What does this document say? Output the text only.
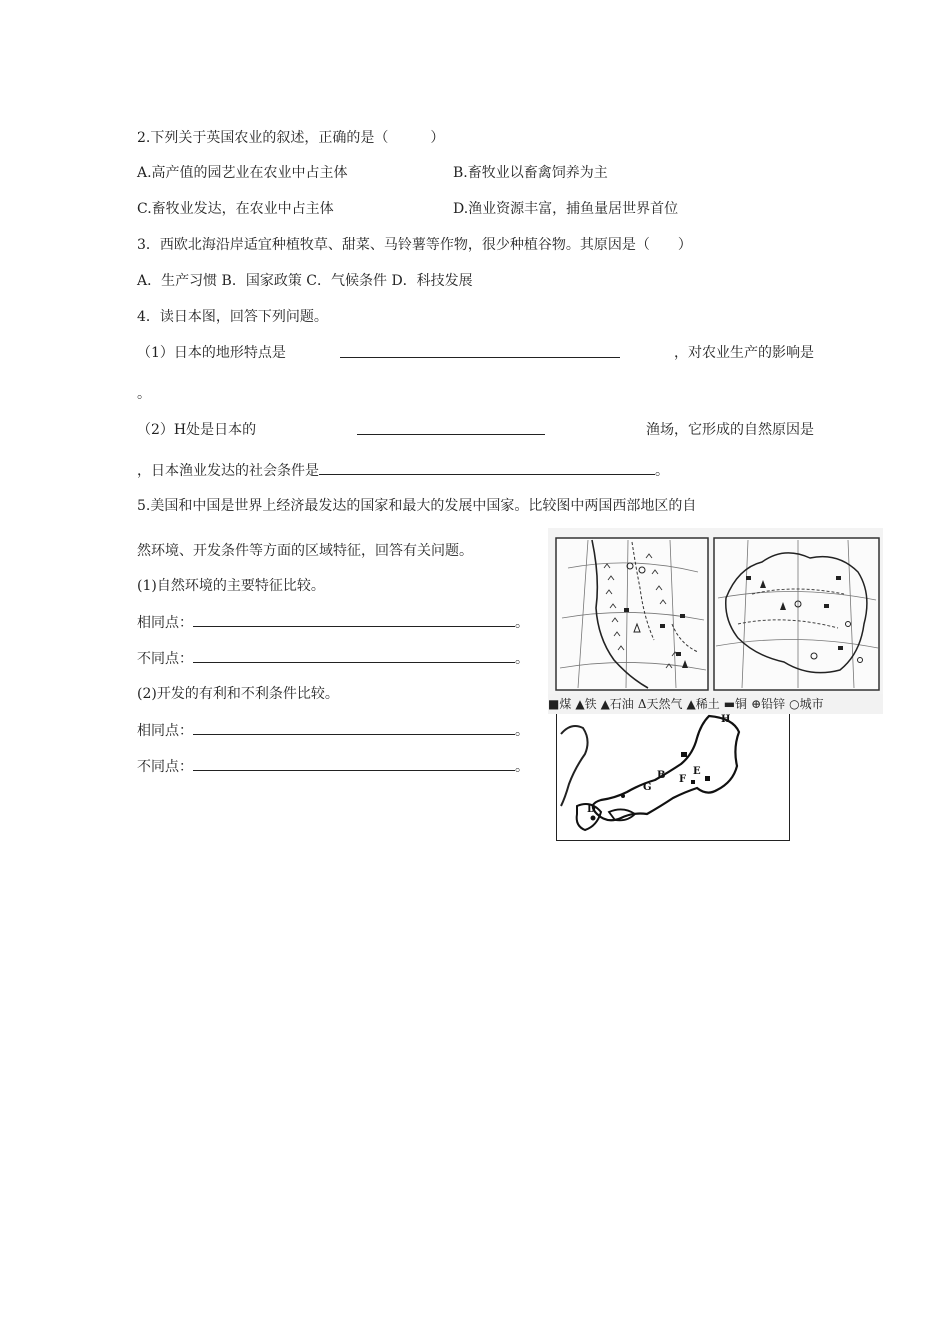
2.下列关于英国农业的叙述，正确的是（　　　）
A.高产值的园艺业在农业中占主体	B.畜牧业以畜禽饲养为主
C.畜牧业发达，在农业中占主体	D.渔业资源丰富，捕鱼量居世界首位
3．西欧北海沿岸适宜种植牧草、甜菜、马铃薯等作物，很少种植谷物。其原因是（　　）
A．生产习惯 B．国家政策 C．气候条件 D．科技发展
4．读日本图，回答下列问题。
（1）日本的地形特点是	，对农业生产的影响是
。
（2）H处是日本的	渔场，它形成的自然原因是
，日本渔业发达的社会条件是	。
5.美国和中国是世界上经济最发达的国家和最大的发展中国家。比较图中两国西部地区的自
然环境、开发条件等方面的区域特征，回答有关问题。
(1)自然环境的主要特征比较。
相同点：	。
不同点：	。
(2)开发的有利和不利条件比较。
相同点：	。
不同点：	。
■煤 ▲铁 ▲石油 Δ天然气 ▲稀土 ▬铜 ⊕铅锌 ○城市
H
B	E
F
G
D
